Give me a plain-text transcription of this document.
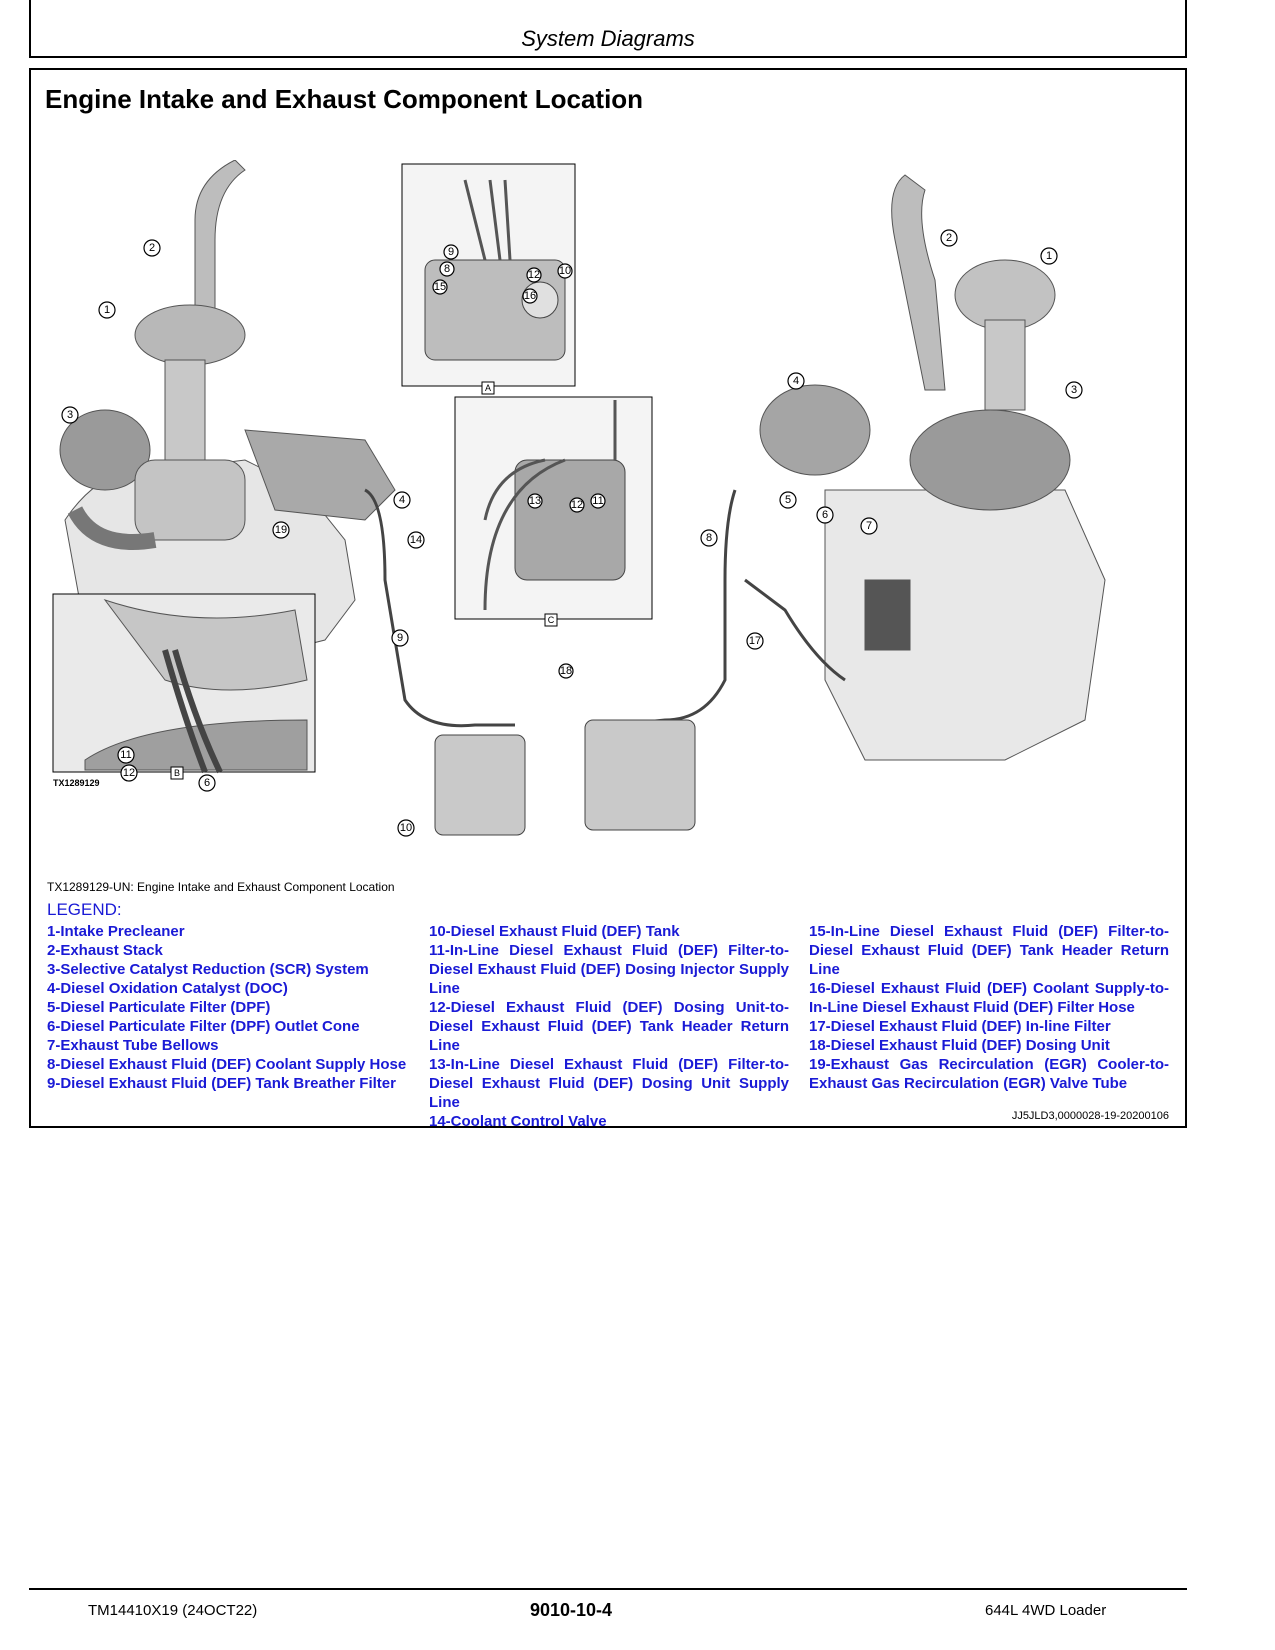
System Diagrams
Engine Intake and Exhaust Component Location
A
C
B
TX1289129
1
2
3
4
14
19
9
10
11
12
6
9
8
15
12
16
10
13	12 11
18
2
1
4
3
5
6
7
8
17
TX1289129-UN: Engine Intake and Exhaust Component Location
LEGEND:
1-Intake Precleaner
2-Exhaust Stack
3-Selective Catalyst Reduction (SCR) System
4-Diesel Oxidation Catalyst (DOC)
5-Diesel Particulate Filter (DPF)
6-Diesel Particulate Filter (DPF) Outlet Cone
7-Exhaust Tube Bellows
8-Diesel Exhaust Fluid (DEF) Coolant Supply Hose
9-Diesel Exhaust Fluid (DEF) Tank Breather Filter
10-Diesel Exhaust Fluid (DEF) Tank
11-In-Line Diesel Exhaust Fluid (DEF) Filter-to-Diesel Exhaust Fluid (DEF) Dosing Injector Supply Line
12-Diesel Exhaust Fluid (DEF) Dosing Unit-to-Diesel Exhaust Fluid (DEF) Tank Header Return Line
13-In-Line Diesel Exhaust Fluid (DEF) Filter-to-Diesel Exhaust Fluid (DEF) Dosing Unit Supply Line
14-Coolant Control Valve
15-In-Line Diesel Exhaust Fluid (DEF) Filter-to-Diesel Exhaust Fluid (DEF) Tank Header Return Line
16-Diesel Exhaust Fluid (DEF) Coolant Supply-to-In-Line Diesel Exhaust Fluid (DEF) Filter Hose
17-Diesel Exhaust Fluid (DEF) In-line Filter
18-Diesel Exhaust Fluid (DEF) Dosing Unit
19-Exhaust Gas Recirculation (EGR) Cooler-to-Exhaust Gas Recirculation (EGR) Valve Tube
JJ5JLD3,0000028-19-20200106
TM14410X19 (24OCT22)	9010-10-4	644L 4WD Loader
